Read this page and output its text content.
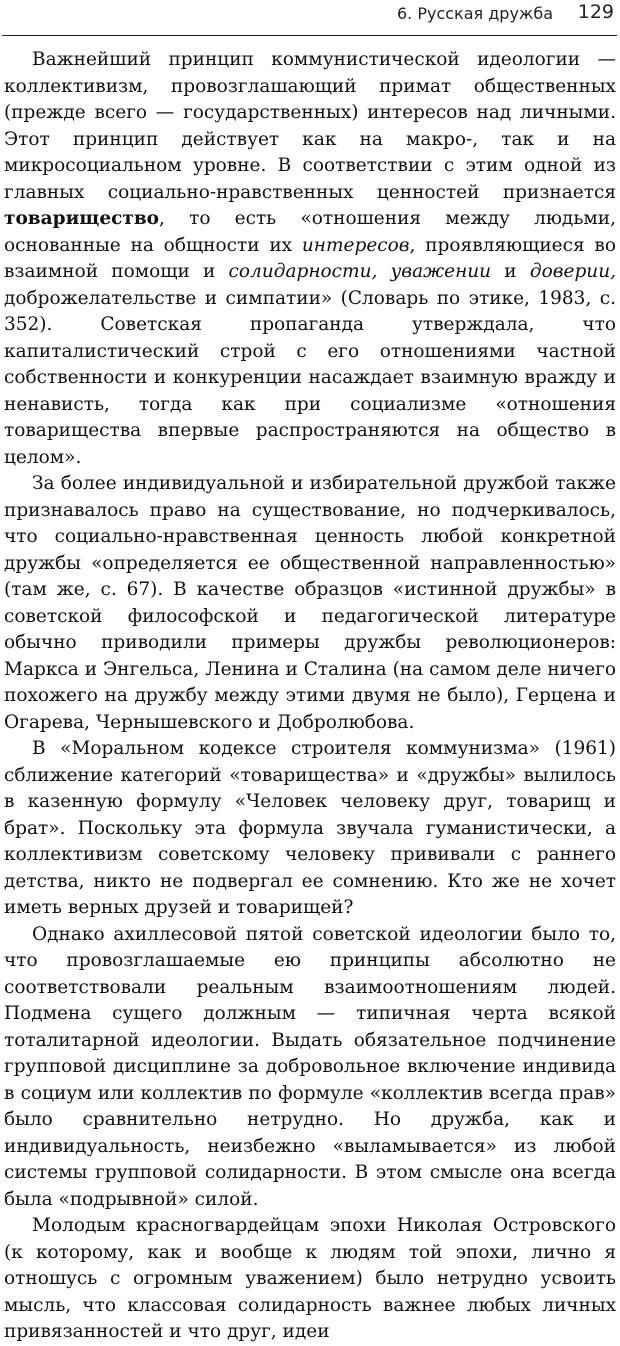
6. Русская дружба 129

Важнейший принцип коммунистической идеологии — коллективизм, провозглашающий примат общественных (прежде всего — государственных) интересов над личными. Этот принцип действует как на макро-, так и на микросоциальном уровне. В соответствии с этим одной из главных социально-нравственных ценностей признается товарищество, то есть «отношения между людьми, основанные на общности их интересов, проявляющиеся во взаимной помощи и солидарности, уважении и доверии, доброжелательстве и симпатии» (Словарь по этике, 1983, с. 352). Советская пропаганда утверждала, что капиталистический строй с его отношениями частной собственности и конкуренции насаждает взаимную вражду и ненависть, тогда как при социализме «отношения товарищества впервые распространяются на общество в целом».

За более индивидуальной и избирательной дружбой также признавалось право на существование, но подчеркивалось, что социально-нравственная ценность любой конкретной дружбы «определяется ее общественной направленностью» (там же, с. 67). В качестве образцов «истинной дружбы» в советской философской и педагогической литературе обычно приводили примеры дружбы революционеров: Маркса и Энгельса, Ленина и Сталина (на самом деле ничего похожего на дружбу между этими двумя не было), Герцена и Огарева, Чернышевского и Добролюбова.

В «Моральном кодексе строителя коммунизма» (1961) сближение категорий «товарищества» и «дружбы» вылилось в казенную формулу «Человек человеку друг, товарищ и брат». Поскольку эта формула звучала гуманистически, а коллективизм советскому человеку прививали с раннего детства, никто не подвергал ее сомнению. Кто же не хочет иметь верных друзей и товарищей?

Однако ахиллесовой пятой советской идеологии было то, что провозглашаемые ею принципы абсолютно не соответствовали реальным взаимоотношениям людей. Подмена сущего должным — типичная черта всякой тоталитарной идеологии. Выдать обязательное подчинение групповой дисциплине за добровольное включение индивида в социум или коллектив по формуле «коллектив всегда прав» было сравнительно нетрудно. Но дружба, как и индивидуальность, неизбежно «выламывается» из любой системы групповой солидарности. В этом смысле она всегда была «подрывной» силой.

Молодым красногвардейцам эпохи Николая Островского (к которому, как и вообще к людям той эпохи, лично я отношусь с огромным уважением) было нетрудно усвоить мысль, что классовая солидарность важнее любых личных привязанностей и что друг, идеи
